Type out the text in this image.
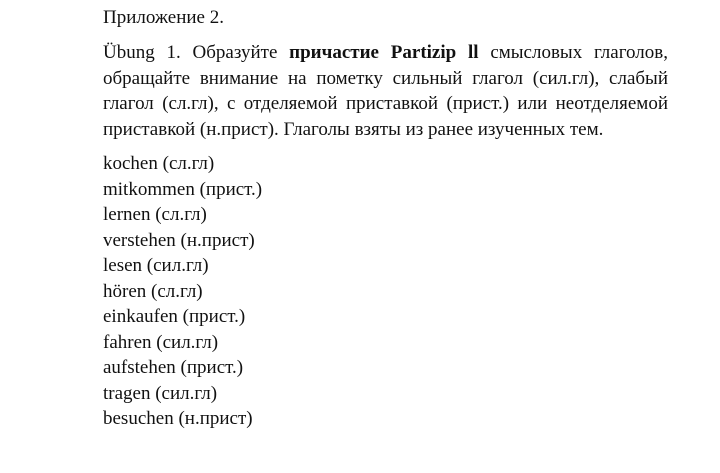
Приложение 2.

Übung 1. Образуйте причастие Partizip ll смысловых глаголов, обращайте внимание на пометку сильный глагол (сил.гл), слабый глагол (сл.гл), с отделяемой приставкой (прист.) или неотделяемой приставкой (н.прист). Глаголы взяты из ранее изученных тем.

kochen (сл.гл)
mitkommen (прист.)
lernen (сл.гл)
verstehen (н.прист)
lesen (сил.гл)
hören (сл.гл)
einkaufen (прист.)
fahren (сил.гл)
aufstehen (прист.)
tragen (сил.гл)
besuchen (н.прист)
